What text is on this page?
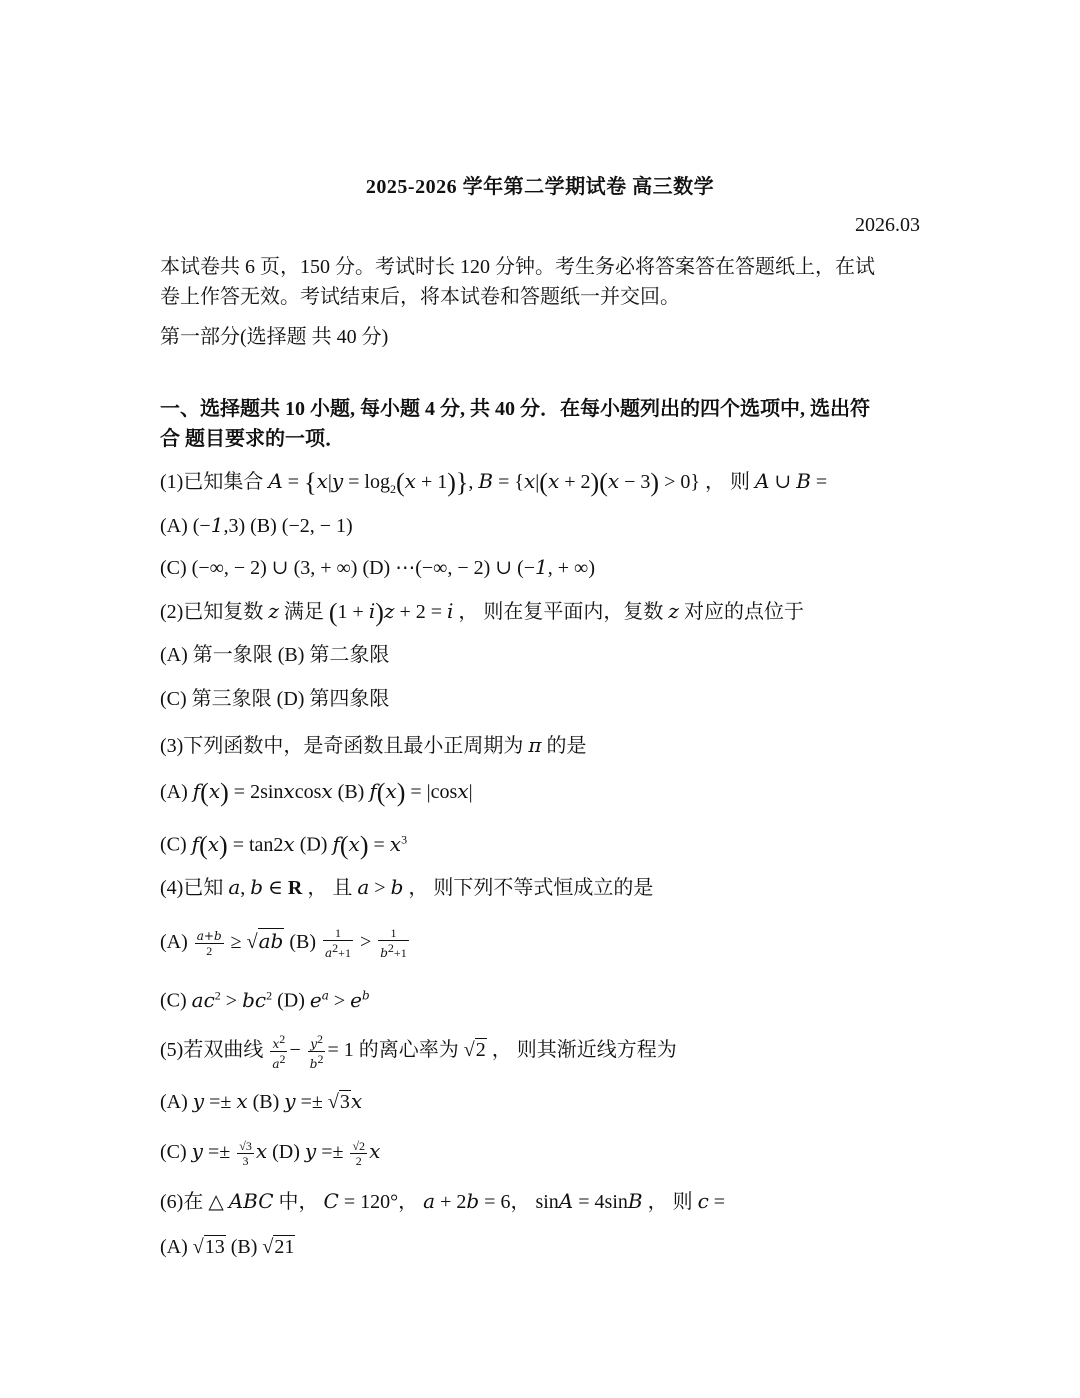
2025-2026 学年第二学期试卷 高三数学
2026.03
本试卷共 6 页，150 分。考试时长 120 分钟。考生务必将答案答在答题纸上，在试
卷上作答无效。考试结束后，将本试卷和答题纸一并交回。
第一部分(选择题 共 40 分)
一、选择题共 10 小题, 每小题 4 分, 共 40 分．在每小题列出的四个选项中, 选出符
合 题目要求的一项．
(1)已知集合 $A = \{x|y = \log_2(x + 1)\}$, B = {x|(x + 2)(x − 3) > 0} ， 则 A ∪ B =
(A) (−1,3) (B) (−2, − 1)
(C) (−∞, − 2) ∪ (3, + ∞) (D) ⋯(−∞, − 2) ∪ (−1, + ∞)
(2)已知复数 z 满足 (1 + i)z + 2 = i ， 则在复平面内，复数 z 对应的点位于
(A) 第一象限 (B) 第二象限
(C) 第三象限 (D) 第四象限
(3)下列函数中，是奇函数且最小正周期为 π 的是
(A) f(x) = 2sinxcosx (B) f(x) = |cosx|
(C) f(x) = tan2x (D) $f(x) = x^3$
(4)已知 a, b ∈ R ， 且 a > b ， 则下列不等式恒成立的是
$(A) \frac{a+b}{2} \ge √ab$ $(B) \frac{1}{a^2+1} > \frac{1}{b^2+1}$
(C) $ac^2 > bc^2$ (D) $e^a > e^b$
(5)若双曲线 $\frac{x^2}{a^2} - \frac{y^2}{b^2} = 1$ 的离心率为 √2 ， 则其渐近线方程为
(A) y =± x (B) y =± √3x
(C) $y =\pm \frac{√3}{3}$ x (D) $y =\pm \frac{√2}{2}$ x
(6)在 △ ABC 中， C = 120°， a + 2b = 6， sinA = 4sinB ， 则 c =
(A) √13 (B) √21
